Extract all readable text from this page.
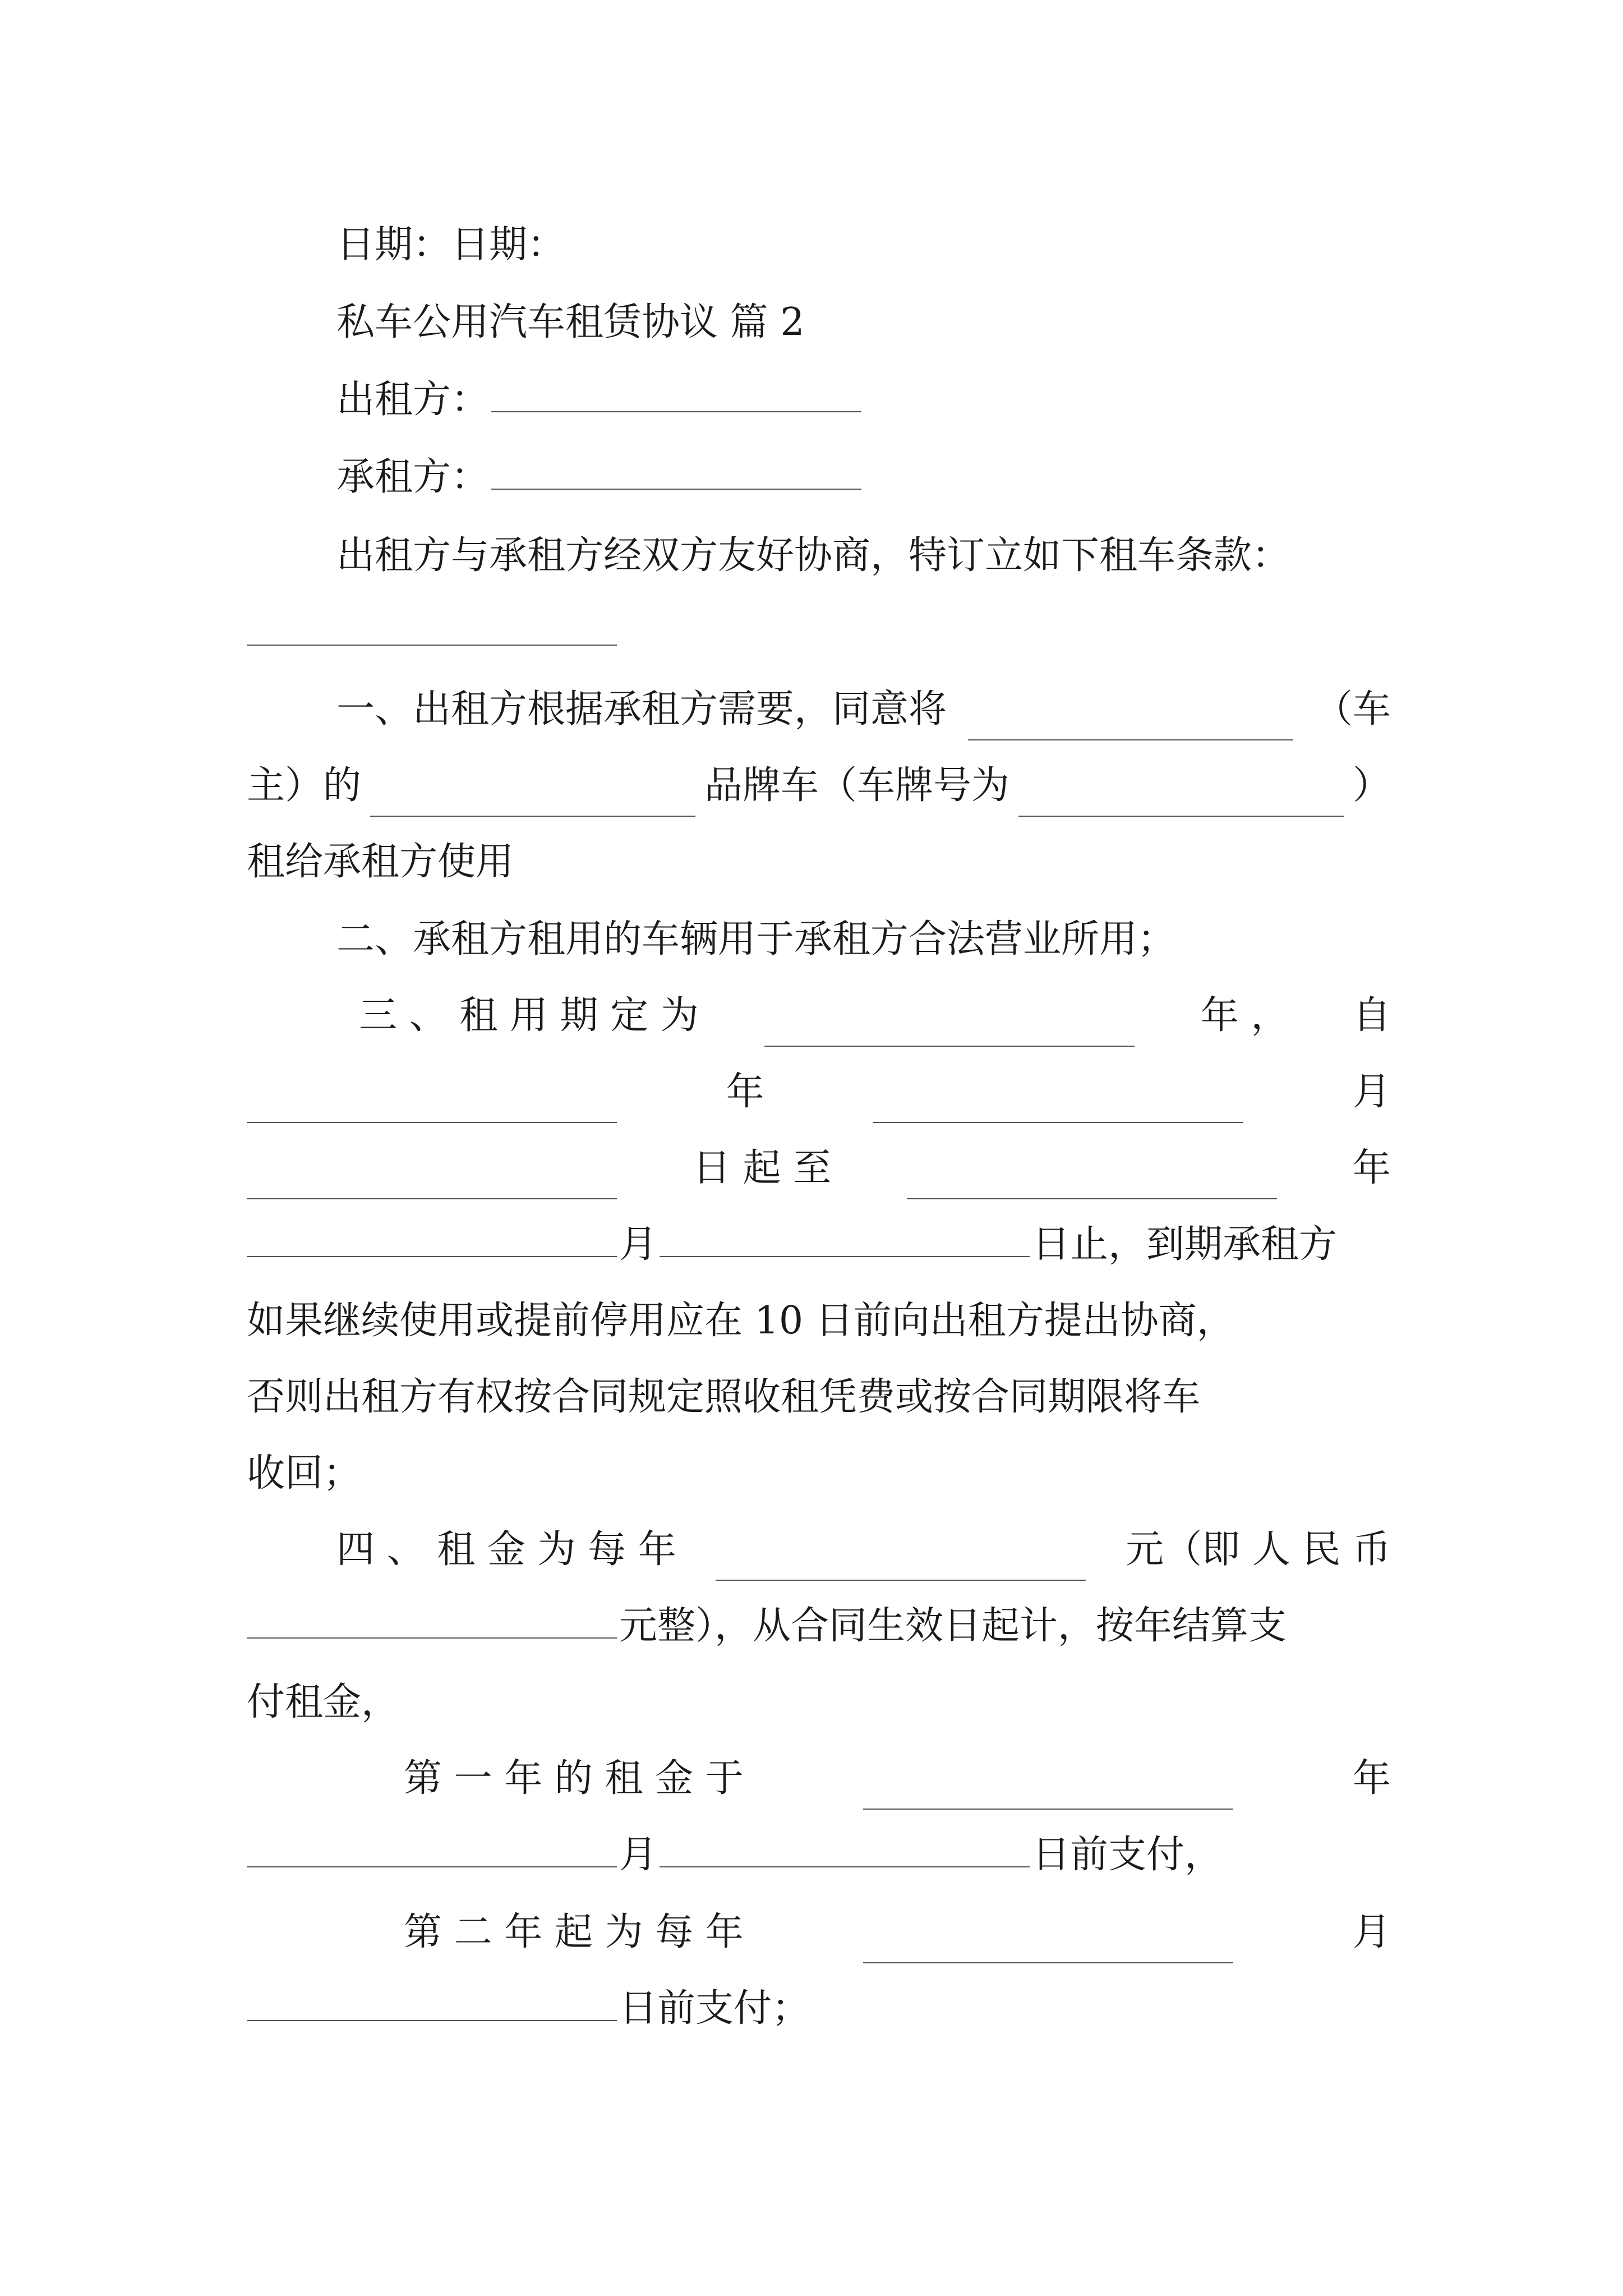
日期：日期：
私车公用汽车租赁协议 篇 2
出租方：
承租方：
出租方与承租方经双方友好协商，特订立如下租车条款：
一、出租方根据承租方需要，同意将	（车
主）的	品牌车（车牌号为	）
租给承租方使用
二、承租方租用的车辆用于承租方合法营业所用；
三 、 租 用 期 定 为	年 ， 自
年	月
日 起 至	年
月	日止，到期承租方
如果继续使用或提前停用应在 10 日前向出租方提出协商，
否则出租方有权按合同规定照收租凭费或按合同期限将车
收回；
四 、 租 金 为 每 年	元（即 人 民 币
元整），从合同生效日起计，按年结算支
付租金，
第 一 年 的 租 金 于	年
月	日前支付，
第 二 年 起 为 每 年	月
日前支付；
